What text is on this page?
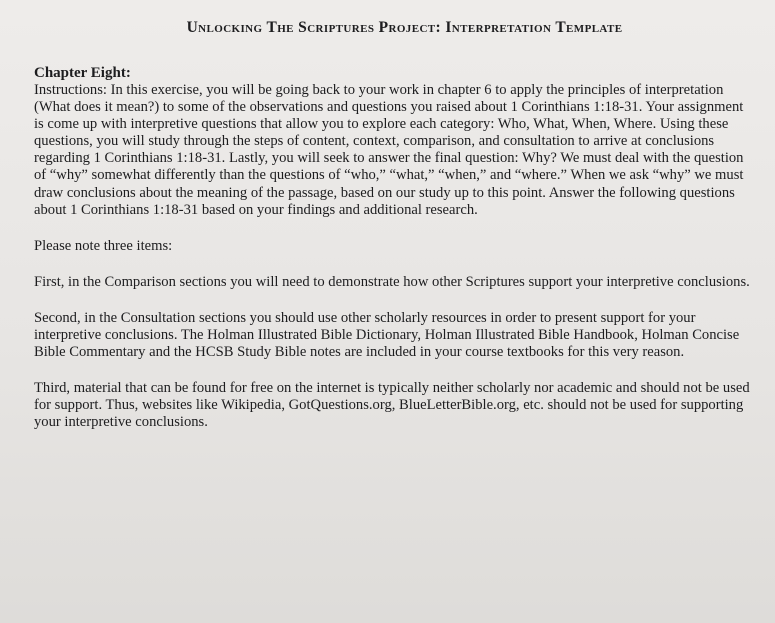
Unlocking The Scriptures Project: Interpretation Template
Chapter Eight:

Instructions: In this exercise, you will be going back to your work in chapter 6 to apply the principles of interpretation (What does it mean?) to some of the observations and questions you raised about 1 Corinthians 1:18-31. Your assignment is come up with interpretive questions that allow you to explore each category: Who, What, When, Where. Using these questions, you will study through the steps of content, context, comparison, and consultation to arrive at conclusions regarding 1 Corinthians 1:18-31. Lastly, you will seek to answer the final question: Why? We must deal with the question of “why” somewhat differently than the questions of “who,” “what,” “when,” and “where.” When we ask “why” we must draw conclusions about the meaning of the passage, based on our study up to this point. Answer the following questions about 1 Corinthians 1:18-31 based on your findings and additional research.

Please note three items:

First, in the Comparison sections you will need to demonstrate how other Scriptures support your interpretive conclusions.

Second, in the Consultation sections you should use other scholarly resources in order to present support for your interpretive conclusions. The Holman Illustrated Bible Dictionary, Holman Illustrated Bible Handbook, Holman Concise Bible Commentary and the HCSB Study Bible notes are included in your course textbooks for this very reason.

Third, material that can be found for free on the internet is typically neither scholarly nor academic and should not be used for support. Thus, websites like Wikipedia, GotQuestions.org, BlueLetterBible.org, etc. should not be used for supporting your interpretive conclusions.
